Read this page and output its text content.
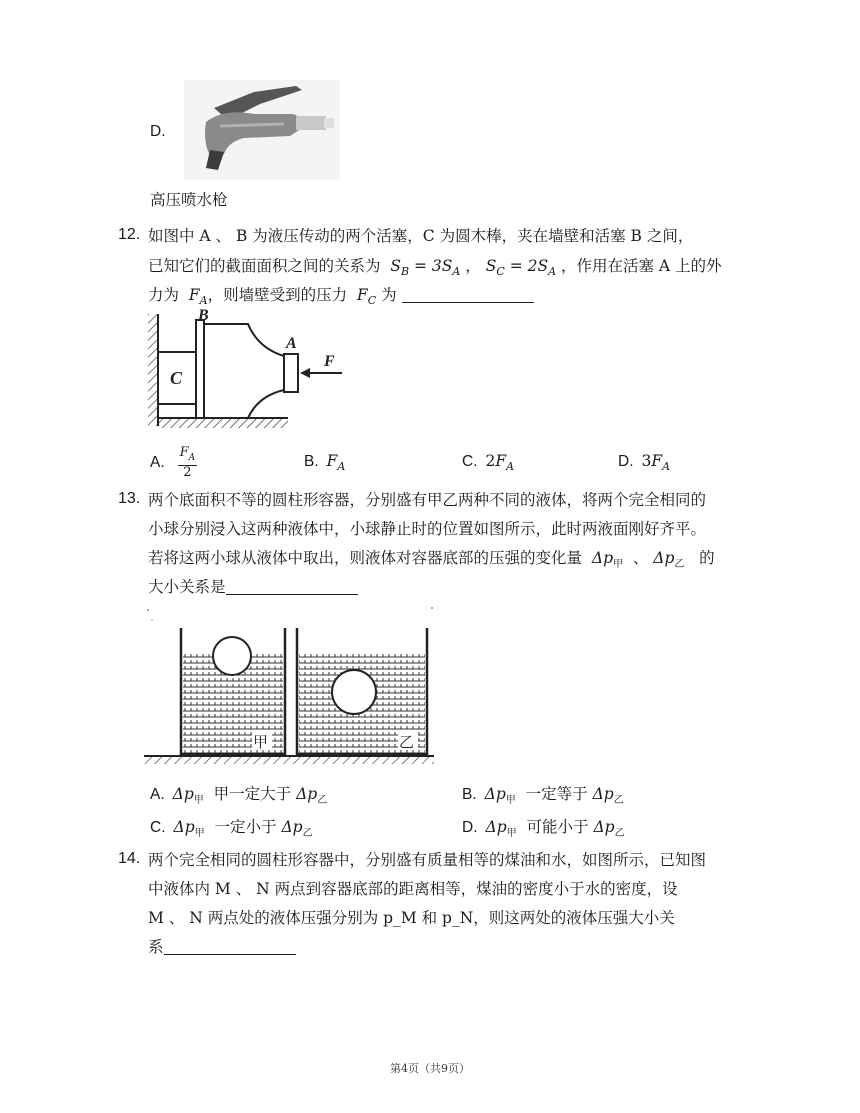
D.
高压喷水枪
12. 如图中 A 、 B 为液压传动的两个活塞，C 为圆木棒，夹在墙壁和活塞 B 之间，
已知它们的截面面积之间的关系为  $S_B = 3S_A$ ， $S_C = 2S_A$ ，作用在活塞 A 上的外
力为  $F_A$，则墙壁受到的压力  $F_C$ 为
B
A
C
F
A. $\frac{F_A}{2}$	B. $F_A$	C. $2F_A$	D. $3F_A$
13. 两个底面积不等的圆柱形容器，分别盛有甲乙两种不同的液体，将两个完全相同的
小球分别浸入这两种液体中，小球静止时的位置如图所示，此时两液面刚好齐平。
若将这两小球从液体中取出，则液体对容器底部的压强的变化量  $\Delta p_甲$  、 $\Delta p_乙$   的
大小关系是
甲	乙
A. $\Delta p_甲$ 甲一定大于 $\Delta p_乙$	B. $\Delta p_甲$ 一定等于 $\Delta p_乙$
C. $\Delta p_甲$ 一定小于 $\Delta p_乙$	D. $\Delta p_甲$ 可能小于 $\Delta p_乙$
14. 两个完全相同的圆柱形容器中，分别盛有质量相等的煤油和水，如图所示，已知图
中液体内 M 、 N 两点到容器底部的距离相等，煤油的密度小于水的密度，设
M 、 N 两点处的液体压强分别为 p_M 和 p_N，则这两处的液体压强大小关
系
第4页（共9页）
